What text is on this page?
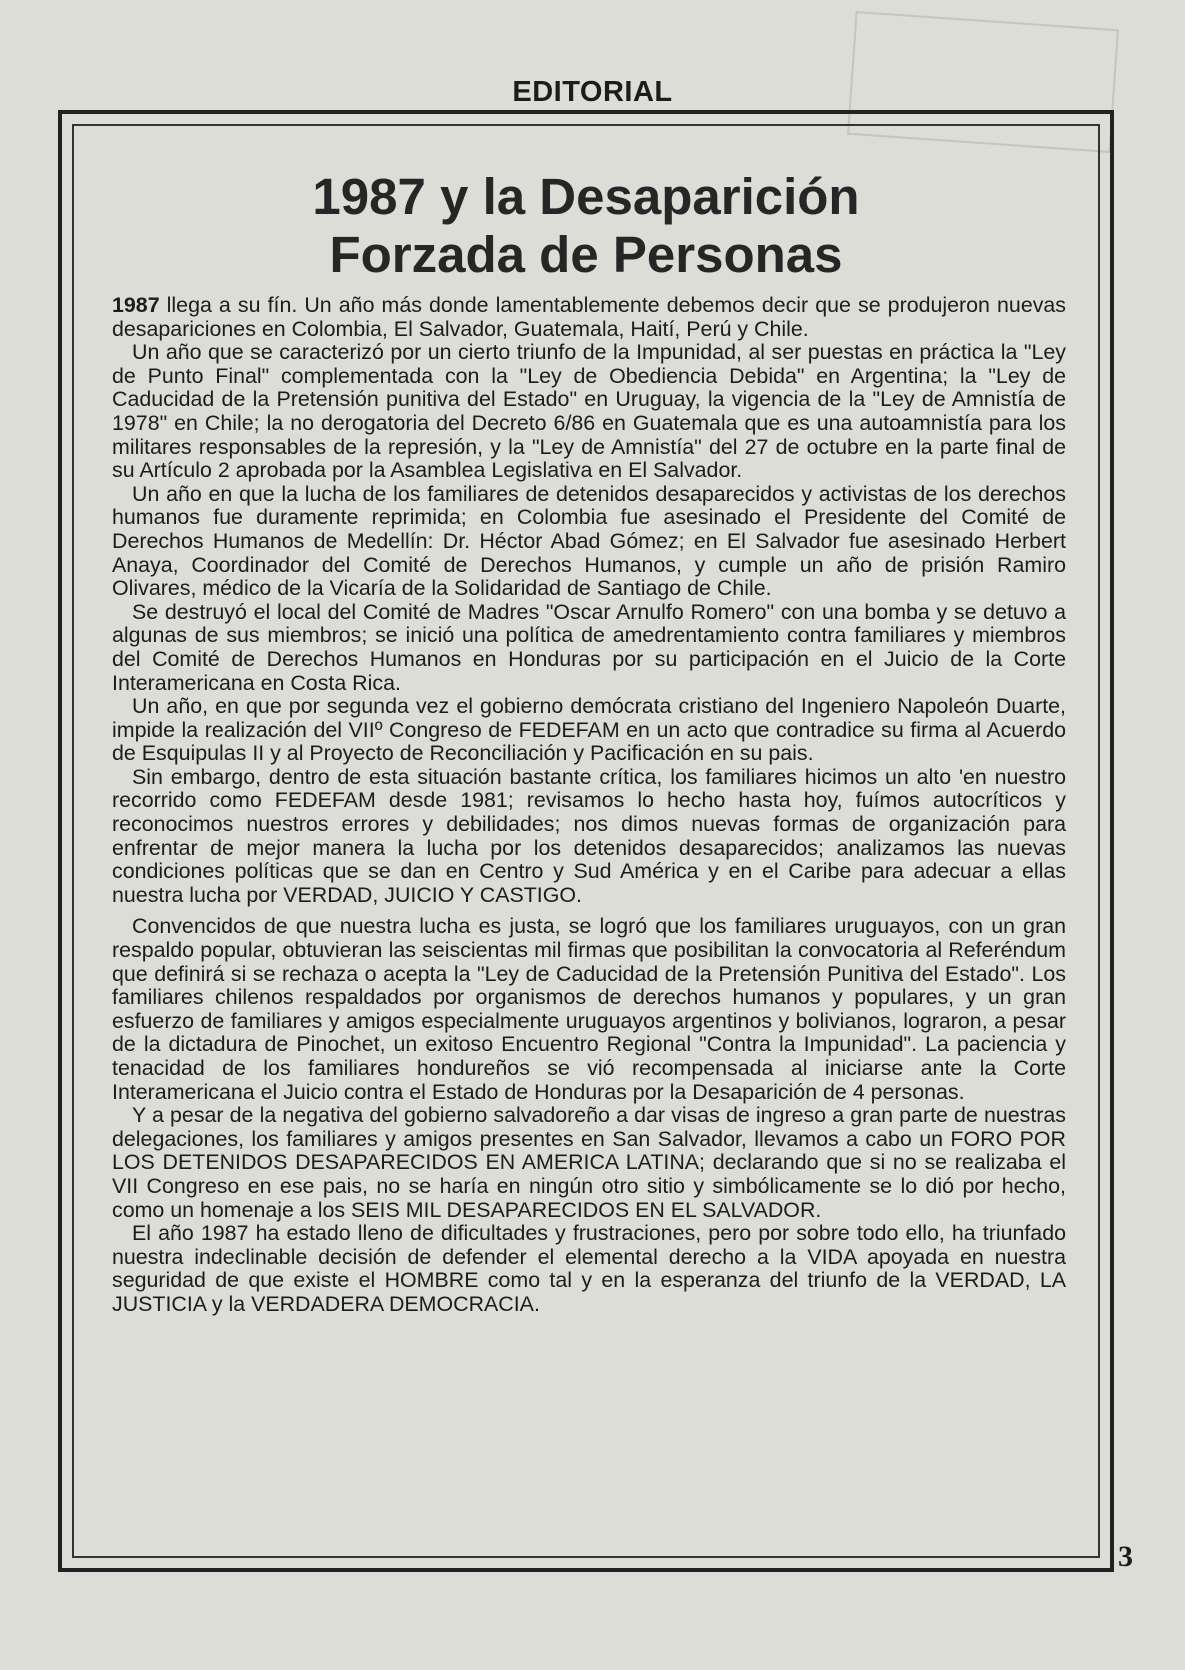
EDITORIAL
1987 y la Desaparición
Forzada de Personas

1987 llega a su fín. Un año más donde lamentablemente debemos decir que se produjeron nuevas desapariciones en Colombia, El Salvador, Guatemala, Haití, Perú y Chile.

Un año que se caracterizó por un cierto triunfo de la Impunidad, al ser puestas en práctica la "Ley de Punto Final" complementada con la "Ley de Obediencia Debida" en Argentina; la "Ley de Caducidad de la Pretensión punitiva del Estado" en Uruguay, la vigencia de la "Ley de Amnistía de 1978" en Chile; la no derogatoria del Decreto 6/86 en Guatemala que es una autoamnistía para los militares responsables de la represión, y la "Ley de Amnistía" del 27 de octubre en la parte final de su Artículo 2 aprobada por la Asamblea Legislativa en El Salvador.

Un año en que la lucha de los familiares de detenidos desaparecidos y activistas de los derechos humanos fue duramente reprimida; en Colombia fue asesinado el Presidente del Comité de Derechos Humanos de Medellín: Dr. Héctor Abad Gómez; en El Salvador fue asesinado Herbert Anaya, Coordinador del Comité de Derechos Humanos, y cumple un año de prisión Ramiro Olivares, médico de la Vicaría de la Solidaridad de Santiago de Chile.

Se destruyó el local del Comité de Madres "Oscar Arnulfo Romero" con una bomba y se detuvo a algunas de sus miembros; se inició una política de amedrentamiento contra familiares y miembros del Comité de Derechos Humanos en Honduras por su participación en el Juicio de la Corte Interamericana en Costa Rica.

Un año, en que por segunda vez el gobierno demócrata cristiano del Ingeniero Napoleón Duarte, impide la realización del VIIº Congreso de FEDEFAM en un acto que contradice su firma al Acuerdo de Esquipulas II y al Proyecto de Reconciliación y Pacificación en su pais.

Sin embargo, dentro de esta situación bastante crítica, los familiares hicimos un alto 'en nuestro recorrido como FEDEFAM desde 1981; revisamos lo hecho hasta hoy, fuímos autocríticos y reconocimos nuestros errores y debilidades; nos dimos nuevas formas de organización para enfrentar de mejor manera la lucha por los detenidos desaparecidos; analizamos las nuevas condiciones políticas que se dan en Centro y Sud América y en el Caribe para adecuar a ellas nuestra lucha por VERDAD, JUICIO Y CASTIGO.

Convencidos de que nuestra lucha es justa, se logró que los familiares uruguayos, con un gran respaldo popular, obtuvieran las seiscientas mil firmas que posibilitan la convocatoria al Referéndum que definirá si se rechaza o acepta la "Ley de Caducidad de la Pretensión Punitiva del Estado". Los familiares chilenos respaldados por organismos de derechos humanos y populares, y un gran esfuerzo de familiares y amigos especialmente uruguayos argentinos y bolivianos, lograron, a pesar de la dictadura de Pinochet, un exitoso Encuentro Regional "Contra la Impunidad". La paciencia y tenacidad de los familiares hondureños se vió recompensada al iniciarse ante la Corte Interamericana el Juicio contra el Estado de Honduras por la Desaparición de 4 personas.

Y a pesar de la negativa del gobierno salvadoreño a dar visas de ingreso a gran parte de nuestras delegaciones, los familiares y amigos presentes en San Salvador, llevamos a cabo un FORO POR LOS DETENIDOS DESAPARECIDOS EN AMERICA LATINA; declarando que si no se realizaba el VII Congreso en ese pais, no se haría en ningún otro sitio y simbólicamente se lo dió por hecho, como un homenaje a los SEIS MIL DESAPARECIDOS EN EL SALVADOR.

El año 1987 ha estado lleno de dificultades y frustraciones, pero por sobre todo ello, ha triunfado nuestra indeclinable decisión de defender el elemental derecho a la VIDA apoyada en nuestra seguridad de que existe el HOMBRE como tal y en la esperanza del triunfo de la VERDAD, LA JUSTICIA y la VERDADERA DEMOCRACIA.

3
